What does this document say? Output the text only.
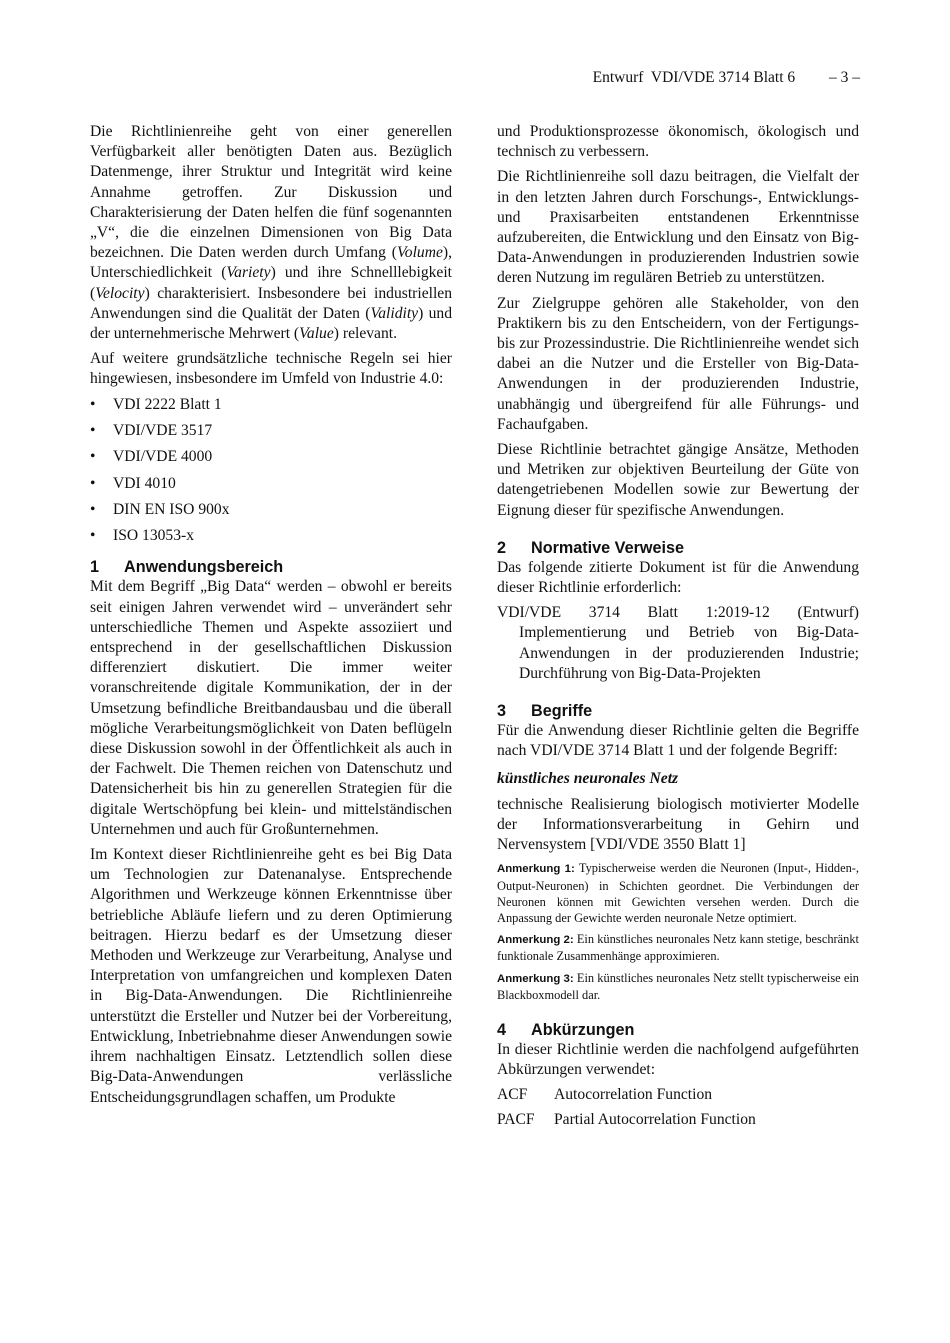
Entwurf  VDI/VDE 3714 Blatt 6 – 3 –

Die Richtlinienreihe geht von einer generellen Verfügbarkeit aller benötigten Daten aus. Bezüglich Datenmenge, ihrer Struktur und Integrität wird keine Annahme getroffen. Zur Diskussion und Charakterisierung der Daten helfen die fünf sogenannten „V“, die die einzelnen Dimensionen von Big Data bezeichnen. Die Daten werden durch Umfang (Volume), Unterschiedlichkeit (Variety) und ihre Schnelllebigkeit (Velocity) charakterisiert. Insbesondere bei industriellen Anwendungen sind die Qualität der Daten (Validity) und der unternehmerische Mehrwert (Value) relevant.

Auf weitere grundsätzliche technische Regeln sei hier hingewiesen, insbesondere im Umfeld von Industrie 4.0:

• VDI 2222 Blatt 1
• VDI/VDE 3517
• VDI/VDE 4000
• VDI 4010
• DIN EN ISO 900x
• ISO 13053-x
1 Anwendungsbereich

Mit dem Begriff „Big Data“ werden – obwohl er bereits seit einigen Jahren verwendet wird – unverändert sehr unterschiedliche Themen und Aspekte assoziiert und entsprechend in der gesellschaftlichen Diskussion differenziert diskutiert. Die immer weiter voranschreitende digitale Kommunikation, der in der Umsetzung befindliche Breitbandausbau und die überall mögliche Verarbeitungsmöglichkeit von Daten beflügeln diese Diskussion sowohl in der Öffentlichkeit als auch in der Fachwelt. Die Themen reichen von Datenschutz und Datensicherheit bis hin zu generellen Strategien für die digitale Wertschöpfung bei klein- und mittelständischen Unternehmen und auch für Großunternehmen.

Im Kontext dieser Richtlinienreihe geht es bei Big Data um Technologien zur Datenanalyse. Entsprechende Algorithmen und Werkzeuge können Erkenntnisse über betriebliche Abläufe liefern und zu deren Optimierung beitragen. Hierzu bedarf es der Umsetzung dieser Methoden und Werkzeuge zur Verarbeitung, Analyse und Interpretation von umfangreichen und komplexen Daten in Big-Data-Anwendungen. Die Richtlinienreihe unterstützt die Ersteller und Nutzer bei der Vorbereitung, Entwicklung, Inbetriebnahme dieser Anwendungen sowie ihrem nachhaltigen Einsatz. Letztendlich sollen diese Big-Data-Anwendungen verlässliche Entscheidungsgrundlagen schaffen, um Produkte

und Produktionsprozesse ökonomisch, ökologisch und technisch zu verbessern.

Die Richtlinienreihe soll dazu beitragen, die Vielfalt der in den letzten Jahren durch Forschungs-, Entwicklungs- und Praxisarbeiten entstandenen Erkenntnisse aufzubereiten, die Entwicklung und den Einsatz von Big-Data-Anwendungen in produzierenden Industrien sowie deren Nutzung im regulären Betrieb zu unterstützen.

Zur Zielgruppe gehören alle Stakeholder, von den Praktikern bis zu den Entscheidern, von der Fertigungs- bis zur Prozessindustrie. Die Richtlinienreihe wendet sich dabei an die Nutzer und die Ersteller von Big-Data-Anwendungen in der produzierenden Industrie, unabhängig und übergreifend für alle Führungs- und Fachaufgaben.

Diese Richtlinie betrachtet gängige Ansätze, Methoden und Metriken zur objektiven Beurteilung der Güte von datengetriebenen Modellen sowie zur Bewertung der Eignung dieser für spezifische Anwendungen.

2 Normative Verweise

Das folgende zitierte Dokument ist für die Anwendung dieser Richtlinie erforderlich:

VDI/VDE 3714 Blatt 1:2019-12 (Entwurf) Implementierung und Betrieb von Big-Data-Anwendungen in der produzierenden Industrie; Durchführung von Big-Data-Projekten

3 Begriffe

Für die Anwendung dieser Richtlinie gelten die Begriffe nach VDI/VDE 3714 Blatt 1 und der folgende Begriff:

künstliches neuronales Netz

technische Realisierung biologisch motivierter Modelle der Informationsverarbeitung in Gehirn und Nervensystem [VDI/VDE 3550 Blatt 1]

Anmerkung 1: Typischerweise werden die Neuronen (Input-, Hidden-, Output-Neuronen) in Schichten geordnet. Die Verbindungen der Neuronen können mit Gewichten versehen werden. Durch die Anpassung der Gewichte werden neuronale Netze optimiert.

Anmerkung 2: Ein künstliches neuronales Netz kann stetige, beschränkt funktionale Zusammenhänge approximieren.

Anmerkung 3: Ein künstliches neuronales Netz stellt typischerweise ein Blackboxmodell dar.

4 Abkürzungen

In dieser Richtlinie werden die nachfolgend aufgeführten Abkürzungen verwendet:

ACF	Autocorrelation Function
PACF	Partial Autocorrelation Function
